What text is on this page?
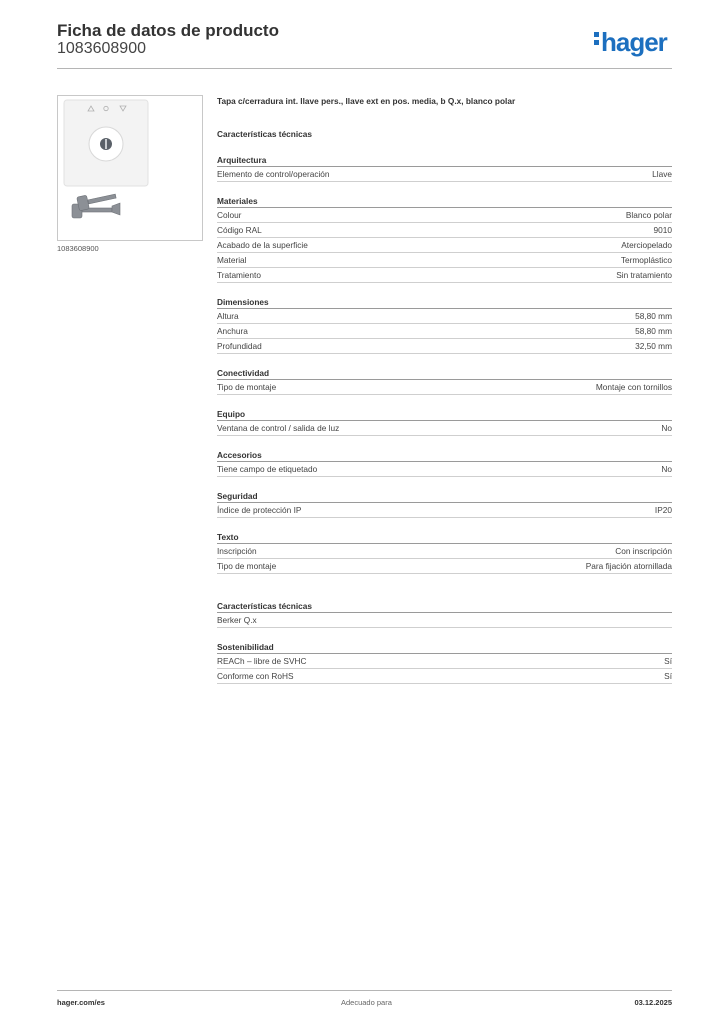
Ficha de datos de producto
1083608900	hager
1083608900
Tapa c/cerradura int. llave pers., llave ext en pos. media, b Q.x, blanco polar
Características técnicas
Arquitectura
Elemento de control/operación	Llave
Materiales
Colour	Blanco polar
Código RAL	9010
Acabado de la superficie	Aterciopelado
Material	Termoplástico
Tratamiento	Sin tratamiento
Dimensiones
Altura	58,80 mm
Anchura	58,80 mm
Profundidad	32,50 mm
Conectividad
Tipo de montaje	Montaje con tornillos
Equipo
Ventana de control / salida de luz	No
Accesorios
Tiene campo de etiquetado	No
Seguridad
Índice de protección IP	IP20
Texto
Inscripción	Con inscripción
Tipo de montaje	Para fijación atornillada
Características técnicas
Berker Q.x
Sostenibilidad
REACh – libre de SVHC	Sí
Conforme con RoHS	Sí
hager.com/es	Adecuado para	03.12.2025
